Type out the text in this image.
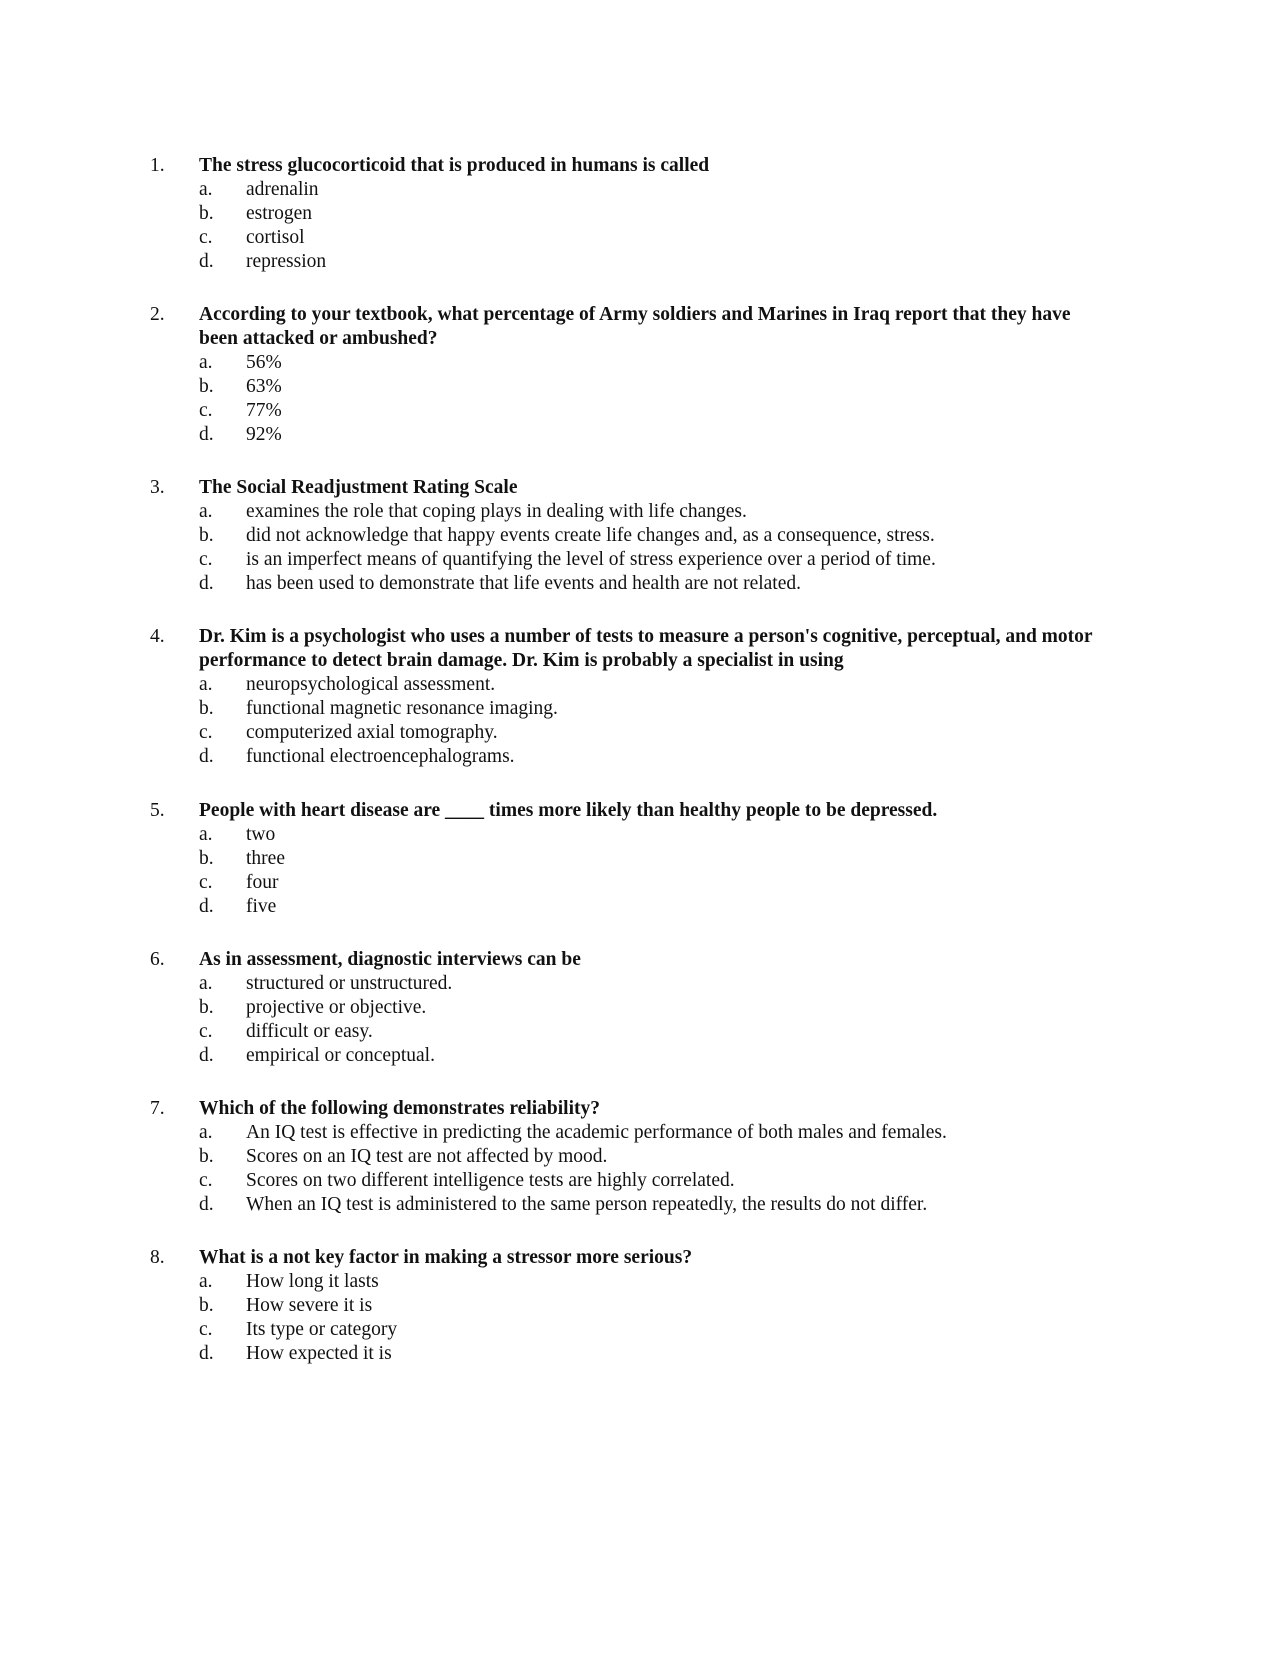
1. The stress glucocorticoid that is produced in humans is called
a. adrenalin
b. estrogen
c. cortisol
d. repression
2. According to your textbook, what percentage of Army soldiers and Marines in Iraq report that they have been attacked or ambushed?
a. 56%
b. 63%
c. 77%
d. 92%
3. The Social Readjustment Rating Scale
a. examines the role that coping plays in dealing with life changes.
b. did not acknowledge that happy events create life changes and, as a consequence, stress.
c. is an imperfect means of quantifying the level of stress experience over a period of time.
d. has been used to demonstrate that life events and health are not related.
4. Dr. Kim is a psychologist who uses a number of tests to measure a person's cognitive, perceptual, and motor performance to detect brain damage. Dr. Kim is probably a specialist in using
a. neuropsychological assessment.
b. functional magnetic resonance imaging.
c. computerized axial tomography.
d. functional electroencephalograms.
5. People with heart disease are ____ times more likely than healthy people to be depressed.
a. two
b. three
c. four
d. five
6. As in assessment, diagnostic interviews can be
a. structured or unstructured.
b. projective or objective.
c. difficult or easy.
d. empirical or conceptual.
7. Which of the following demonstrates reliability?
a. An IQ test is effective in predicting the academic performance of both males and females.
b. Scores on an IQ test are not affected by mood.
c. Scores on two different intelligence tests are highly correlated.
d. When an IQ test is administered to the same person repeatedly, the results do not differ.
8. What is a not key factor in making a stressor more serious?
a. How long it lasts
b. How severe it is
c. Its type or category
d. How expected it is
